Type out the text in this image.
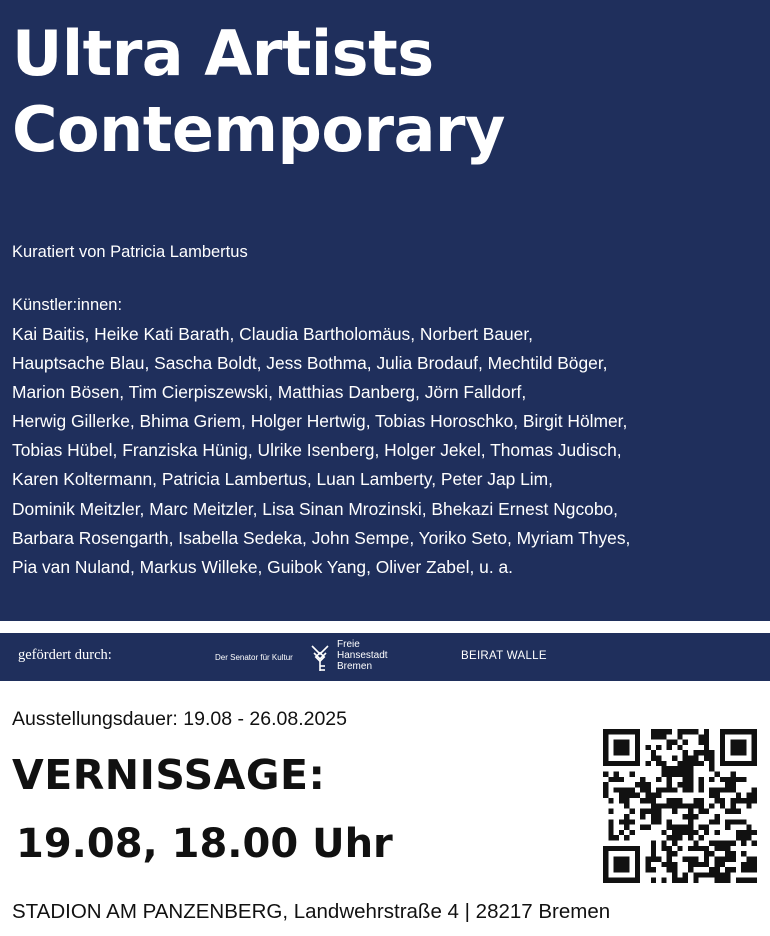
Ultra Artists
Contemporary
Kuratiert von Patricia Lambertus
Künstler:innen:
Kai Baitis, Heike Kati Barath, Claudia Bartholomäus, Norbert Bauer,
Hauptsache Blau, Sascha Boldt, Jess Bothma, Julia Brodauf, Mechtild Böger,
Marion Bösen, Tim Cierpiszewski, Matthias Danberg, Jörn Falldorf,
Herwig Gillerke, Bhima Griem, Holger Hertwig, Tobias Horoschko, Birgit Hölmer,
Tobias Hübel, Franziska Hünig, Ulrike Isenberg, Holger Jekel, Thomas Judisch,
Karen Koltermann, Patricia Lambertus, Luan Lamberty, Peter Jap Lim,
Dominik Meitzler, Marc Meitzler, Lisa Sinan Mrozinski, Bhekazi Ernest Ngcobo,
Barbara Rosengarth, Isabella Sedeka, John Sempe, Yoriko Seto, Myriam Thyes,
Pia van Nuland, Markus Willeke, Guibok Yang, Oliver Zabel, u. a.
gefördert durch:	Der Senator für Kultur
Freie
Hansestadt
Bremen
BEIRAT WALLE
Ausstellungsdauer: 19.08 - 26.08.2025
VERNISSAGE:
19.08, 18.00 Uhr
STADION AM PANZENBERG, Landwehrstraße 4 | 28217 Bremen
